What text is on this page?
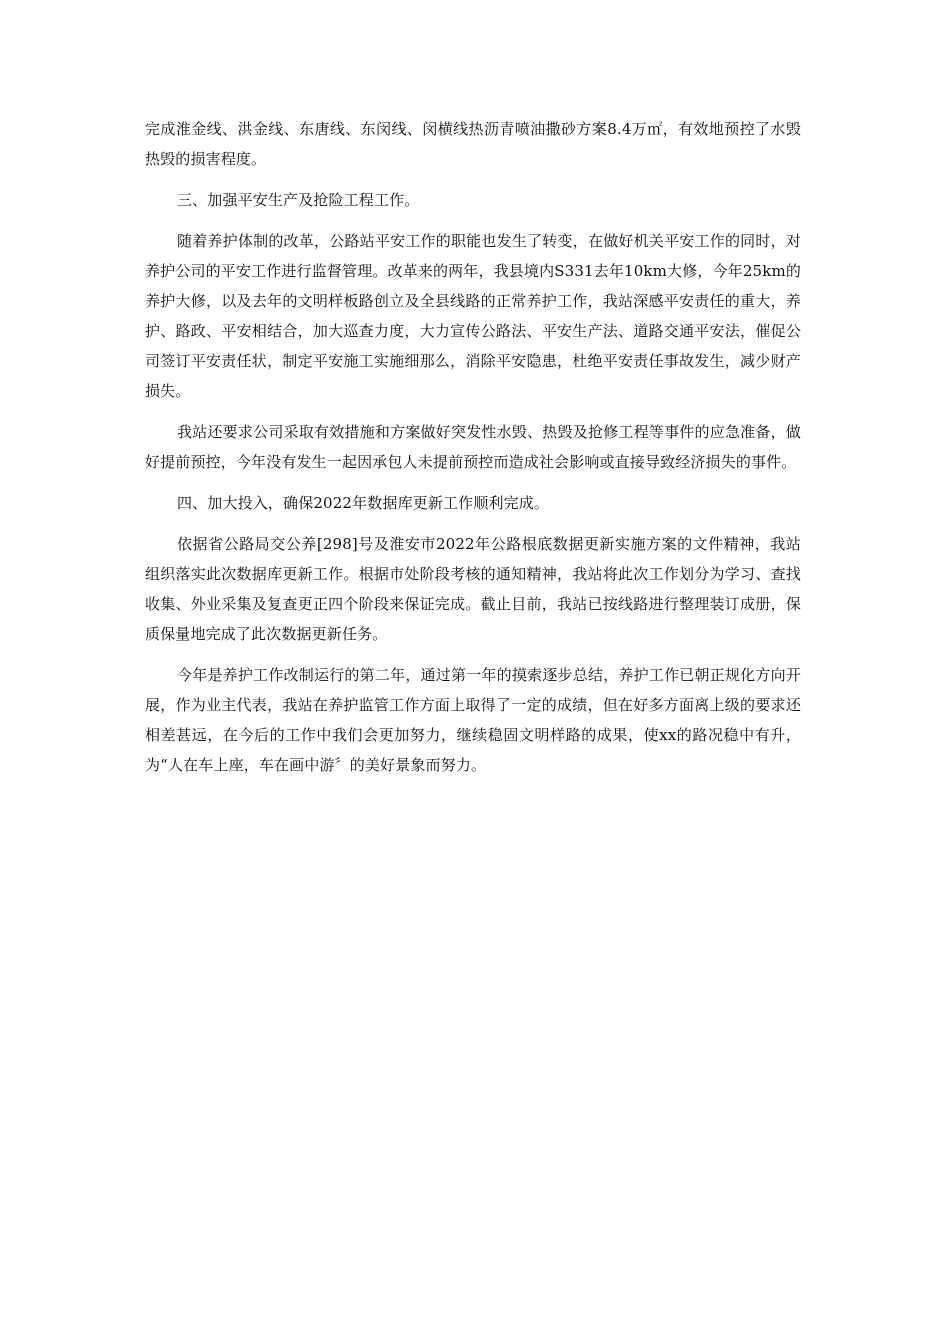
完成淮金线、洪金线、东唐线、东闵线、闵横线热沥青喷油撒砂方案8.4万㎡，有效地预控了水毁热毁的损害程度。

三、加强平安生产及抢险工程工作。

随着养护体制的改革，公路站平安工作的职能也发生了转变，在做好机关平安工作的同时，对养护公司的平安工作进行监督管理。改革来的两年，我县境内S331去年10km大修，今年25km的养护大修，以及去年的文明样板路创立及全县线路的正常养护工作，我站深感平安责任的重大，养护、路政、平安相结合，加大巡查力度，大力宣传公路法、平安生产法、道路交通平安法，催促公司签订平安责任状，制定平安施工实施细那么，消除平安隐患，杜绝平安责任事故发生，减少财产损失。

我站还要求公司采取有效措施和方案做好突发性水毁、热毁及抢修工程等事件的应急准备，做好提前预控，今年没有发生一起因承包人未提前预控而造成社会影响或直接导致经济损失的事件。

四、加大投入，确保2022年数据库更新工作顺利完成。

依据省公路局交公养[298]号及淮安市2022年公路根底数据更新实施方案的文件精神，我站组织落实此次数据库更新工作。根据市处阶段考核的通知精神，我站将此次工作划分为学习、查找收集、外业采集及复查更正四个阶段来保证完成。截止目前，我站已按线路进行整理装订成册，保质保量地完成了此次数据更新任务。

今年是养护工作改制运行的第二年，通过第一年的摸索逐步总结，养护工作已朝正规化方向开展，作为业主代表，我站在养护监管工作方面上取得了一定的成绩，但在好多方面离上级的要求还相差甚远，在今后的工作中我们会更加努力，继续稳固文明样路的成果，使xx的路况稳中有升，为“人在车上座，车在画中游〞的美好景象而努力。
